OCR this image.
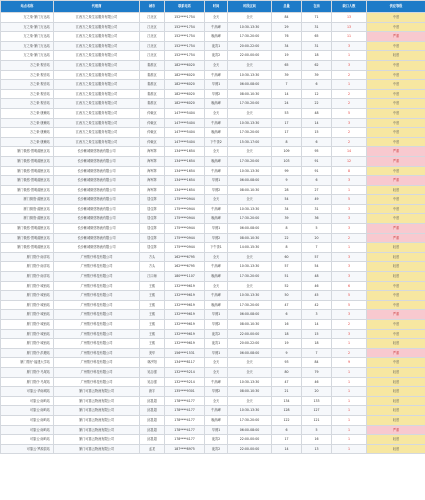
站点名称	代理商	城市	联系电话	时间	时段区间	总量	在岗	缺口人数	供应等级
万之象·厦门万达站	江西万之象生活服务有限公司	江北区	152****1754	全天	全天	84	71	13	中度
万之象·厦门万达站	江西万之象生活服务有限公司	江北区	152****1754	午高峰	10:30-13:30	29	31	13	中度
万之象·厦门万达站	江西万之象生活服务有限公司	江北区	152****1754	晚高峰	17:30-20:00	76	65	11	严重
万之象·厦门万达站	江西万之象生活服务有限公司	江北区	152****1754	夜宵1	20:00-22:00	34	31	3	中度
万之象·厦门万达站	江西万之象生活服务有限公司	江北区	152****1754	夜宵2	22:00-00:00	19	18	1	轻度
万之象·观音站	江西万之象生活服务有限公司	秦淮区	182****6020	全天	全天	65	62	3	中度
万之象·观音站	江西万之象生活服务有限公司	秦淮区	182****6020	午高峰	10:30-13:30	39	39	2	中度
万之象·观音站	江西万之象生活服务有限公司	秦淮区	182****6020	早餐1	06:00-08:00	7	6	1	中度
万之象·观音站	江西万之象生活服务有限公司	秦淮区	182****6020	早餐2	08:00-10:30	14	12	2	中度
万之象·观音站	江西万之象生活服务有限公司	秦淮区	182****6020	晚高峰	17:30-20:00	24	22	2	中度
万之象·康赖站	江西万之象生活服务有限公司	仲裁区	147****5404	全天	全天	53	48	5	中度
万之象·康赖站	江西万之象生活服务有限公司	仲裁区	147****5404	午高峰	10:30-13:30	17	14	3	中度
万之象·康赖站	江西万之象生活服务有限公司	仲裁区	147****5404	晚高峰	17:30-20:00	17	15	2	中度
万之象·康赖站	江西万之象生活服务有限公司	仲裁区	147****5404	下午茶2	15:30-17:00	8	6	2	中度
厦门微悠·思明湖里区站	长沙紫城微悠物流有限公司	海军阵	134****1654	全天	全天	109	95	14	严重
厦门微悠·思明湖里区站	长沙紫城微悠物流有限公司	海军阵	134****1654	晚高峰	17:30-20:00	103	91	12	严重
厦门微悠·思明湖里区站	长沙紫城微悠物流有限公司	海军阵	134****1654	午高峰	10:30-13:30	99	91	8	中度
厦门微悠·思明湖里区站	长沙紫城微悠物流有限公司	海军阵	134****1654	早餐1	06:00-08:00	9	6	3	严重
厦门微悠·思明湖里区站	长沙紫城微悠物流有限公司	海军阵	134****1654	早餐2	08:00-10:30	28	27	1	轻度
厦门微悠·湖里区站	长沙紫城微悠物流有限公司	居住阵	175****0944	全天	全天	54	49	5	中度
厦门微悠·湖里区站	长沙紫城微悠物流有限公司	居住阵	175****0944	午高峰	10:30-13:30	34	31	3	中度
厦门微悠·湖里区站	长沙紫城微悠物流有限公司	居住阵	175****0944	晚高峰	17:30-20:00	39	36	3	中度
厦门微悠·思明湖里区站	长沙紫城微悠物流有限公司	居住阵	175****0944	早餐1	06:00-08:00	8	5	3	严重
厦门微悠·思明湖里区站	长沙紫城微悠物流有限公司	居住阵	175****0944	早餐2	08:00-10:30	22	20	2	严重
厦门微悠·思明湖里区站	长沙紫城微悠物流有限公司	居住阵	175****0944	下午茶1	14:00-15:30	8	7	1	轻度
厦门帮仔·南洋站	广州帮仔科技有限公司	方头	162****6795	全天	全天	60	57	3	轻度
厦门帮仔·南洋站	广州帮仔科技有限公司	方头	162****6795	午高峰	10:30-13:30	57	54	3	轻度
厦门帮仔·南洋站	广州帮仔科技有限公司	江口师	180****1107	晚高峰	17:30-20:00	51	48	3	轻度
厦门帮仔·城西站	广州帮仔科技有限公司	王熙	132****9619	全天	全天	52	46	6	中度
厦门帮仔·城西站	广州帮仔科技有限公司	王熙	132****9619	午高峰	10:30-13:30	50	45	5	中度
厦门帮仔·城西站	广州帮仔科技有限公司	王熙	132****9619	晚高峰	17:30-20:00	47	42	5	中度
厦门帮仔·城西站	广州帮仔科技有限公司	王熙	132****9619	早餐1	06:00-08:00	6	3	3	严重
厦门帮仔·城西站	广州帮仔科技有限公司	王熙	132****9619	早餐2	08:00-10:30	16	14	2	中度
厦门帮仔·城西站	广州帮仔科技有限公司	王熙	132****9619	夜宵2	22:00-00:00	18	15	3	中度
厦门帮仔·城西站	广州帮仔科技有限公司	王熙	132****9619	夜宵1	20:00-22:00	19	18	1	轻度
厦门帮仔·洪塘站	广州帮仔科技有限公司	美华	156****1531	早餐1	06:00-08:00	9	7	2	严重
厦门帮仔·福建大学站	广州帮仔科技有限公司	林汐阳	134****8117	全天	全天	93	84	9	中度
厦门帮仔·马尾站	广州帮仔科技有限公司	吴志强	132****5214	全天	全天	80	79	1	轻度
厦门帮仔·马尾站	广州帮仔科技有限公司	吴志强	132****5214	午高峰	10:30-13:30	47	46	1	轻度
可靠云·华南城站	厦门可靠云物流有限公司	唐宇	135****9301	早餐2	08:00-10:30	21	20	1	轻度
可靠云·南屿站	厦门可靠云物流有限公司	邱显超	178****4177	全天	全天	134	133	1	轻度
可靠云·南屿站	厦门可靠云物流有限公司	邱显超	178****4177	午高峰	10:30-13:30	128	127	1	轻度
可靠云·南屿站	厦门可靠云物流有限公司	邱显超	178****4177	晚高峰	17:30-20:00	122	121	1	轻度
可靠云·南屿站	厦门可靠云物流有限公司	邱显超	178****4177	早餐1	06:00-08:00	6	5	1	严重
可靠云·南屿站	厦门可靠云物流有限公司	邱显超	178****4177	夜宵2	22:00-00:00	17	16	1	轻度
可靠云·罗源县站	厦门可靠云物流有限公司	孟龙	187****8975	夜宵2	22:00-00:00	14	13	1	轻度
